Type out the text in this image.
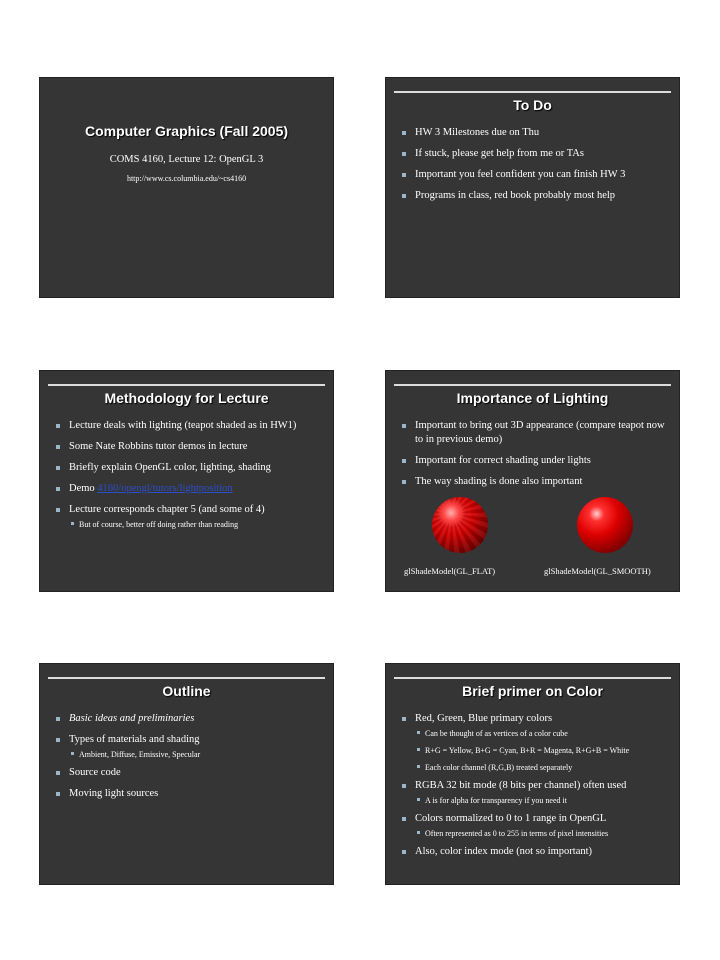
Computer Graphics (Fall 2005)
COMS 4160, Lecture 12: OpenGL 3
http://www.cs.columbia.edu/~cs4160
To Do
HW 3 Milestones due on Thu
If stuck, please get help from me or TAs
Important you feel confident you can finish HW 3
Programs in class, red book probably most help
Methodology for Lecture
Lecture deals with lighting (teapot shaded as in HW1)
Some Nate Robbins tutor demos in lecture
Briefly explain OpenGL color, lighting, shading
Demo 4160/opengl/tutors/lightposition
Lecture corresponds chapter 5 (and some of 4)
But of course, better off doing rather than reading
Importance of Lighting
Important to bring out 3D appearance (compare teapot now to in previous demo)
Important for correct shading under lights
The way shading is done also important
glShadeModel(GL_FLAT)	glShadeModel(GL_SMOOTH)
Outline
Basic ideas and preliminaries
Types of materials and shading
Ambient, Diffuse, Emissive, Specular
Source code
Moving light sources
Brief primer on Color
Red, Green, Blue primary colors
Can be thought of as vertices of a color cube
R+G = Yellow, B+G = Cyan, B+R = Magenta, R+G+B = White
Each color channel (R,G,B) treated separately
RGBA 32 bit mode (8 bits per channel) often used
A is for alpha for transparency if you need it
Colors normalized to 0 to 1 range in OpenGL
Often represented as 0 to 255 in terms of pixel intensities
Also, color index mode (not so important)
